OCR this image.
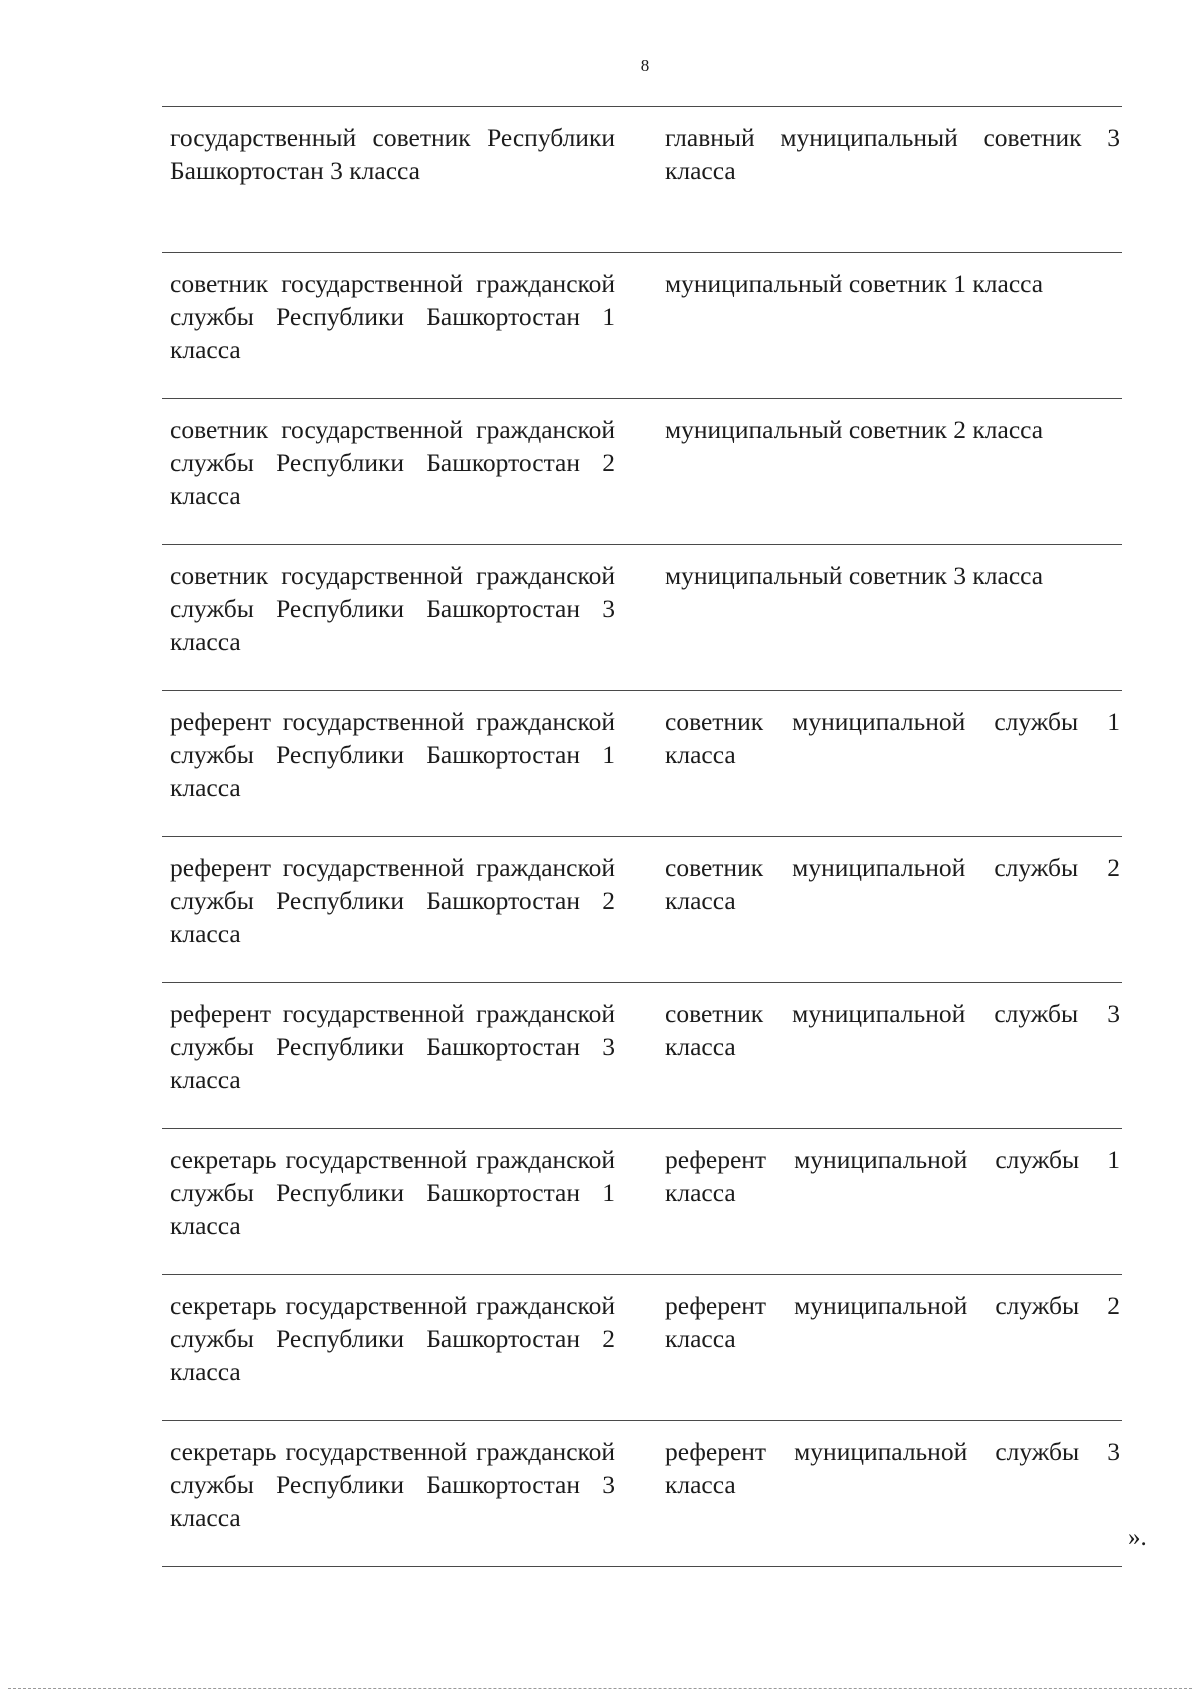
8
государственный советник Республики Башкортостан 3 класса
главный муниципальный советник 3 класса
советник государственной гражданской службы Республики Башкортостан 1 класса
муниципальный советник 1 класса
советник государственной гражданской службы Республики Башкортостан 2 класса
муниципальный советник 2 класса
советник государственной гражданской службы Республики Башкортостан 3 класса
муниципальный советник 3 класса
референт государственной гражданской службы Республики Башкортостан 1 класса
советник муниципальной службы 1 класса
референт государственной гражданской службы Республики Башкортостан 2 класса
советник муниципальной службы 2 класса
референт государственной гражданской службы Республики Башкортостан 3 класса
советник муниципальной службы 3 класса
секретарь государственной гражданской службы Республики Башкортостан 1 класса
референт муниципальной службы 1 класса
секретарь государственной гражданской службы Республики Башкортостан 2 класса
референт муниципальной службы 2 класса
секретарь государственной гражданской службы Республики Башкортостан 3 класса
референт муниципальной службы 3 класса
».
